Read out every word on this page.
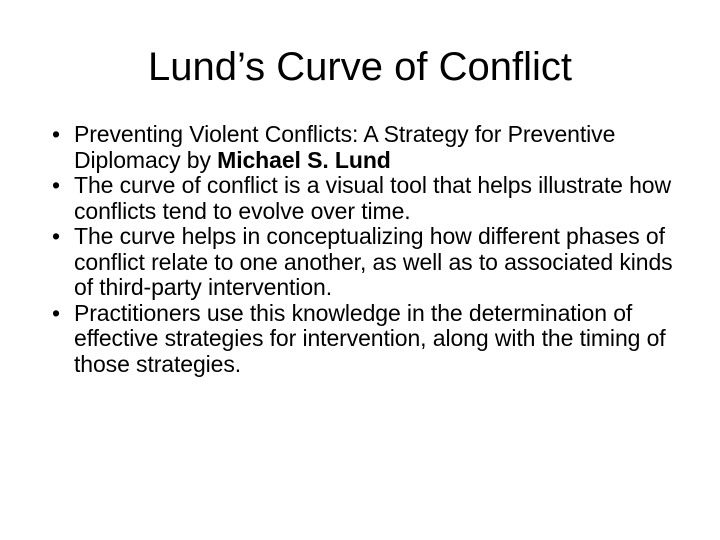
Lund’s Curve of Conflict
• Preventing Violent Conflicts: A Strategy for Preventive Diplomacy by Michael S. Lund
• The curve of conflict is a visual tool that helps illustrate how conflicts tend to evolve over time.
• The curve helps in conceptualizing how different phases of conflict relate to one another, as well as to associated kinds of third-party intervention.
• Practitioners use this knowledge in the determination of effective strategies for intervention, along with the timing of those strategies.
